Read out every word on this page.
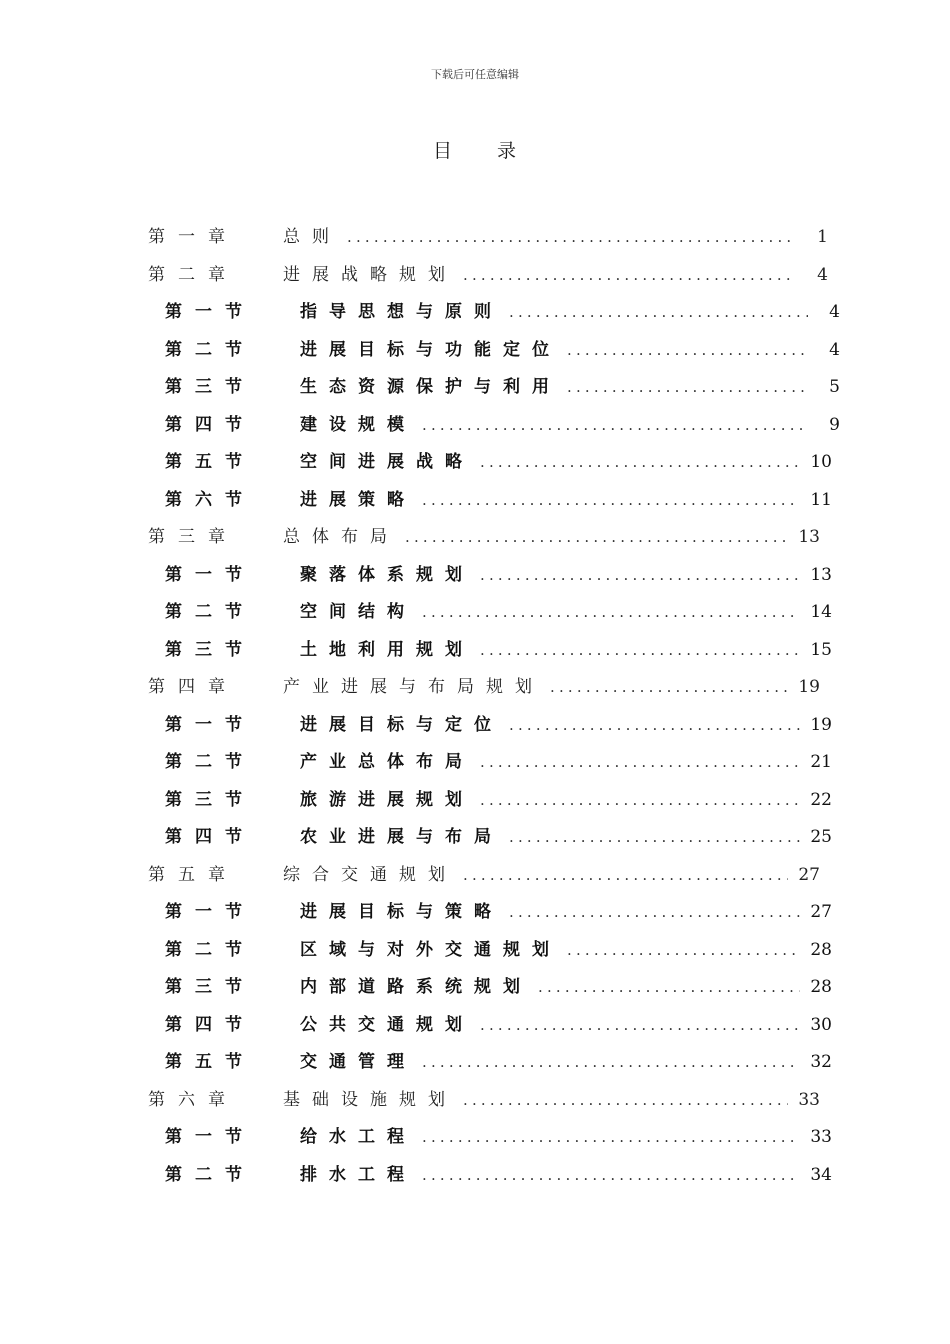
下载后可任意编辑
目 录
第一章	总则 .....	1
第二章	进展战略规划 .....	4
第一节	指导思想与原则 .....	4
第二节	进展目标与功能定位 .....	4
第三节	生态资源保护与利用 .....	5
第四节	建设规模 .....	9
第五节	空间进展战略 .....	10
第六节	进展策略 .....	11
第三章	总体布局 .....	13
第一节	聚落体系规划 .....	13
第二节	空间结构 .....	14
第三节	土地利用规划 .....	15
第四章	产业进展与布局规划 .....	19
第一节	进展目标与定位 .....	19
第二节	产业总体布局 .....	21
第三节	旅游进展规划 .....	22
第四节	农业进展与布局 .....	25
第五章	综合交通规划 .....	27
第一节	进展目标与策略 .....	27
第二节	区域与对外交通规划 .....	28
第三节	内部道路系统规划 .....	28
第四节	公共交通规划 .....	30
第五节	交通管理 .....	32
第六章	基础设施规划 .....	33
第一节	给水工程 .....	33
第二节	排水工程 .....	34
